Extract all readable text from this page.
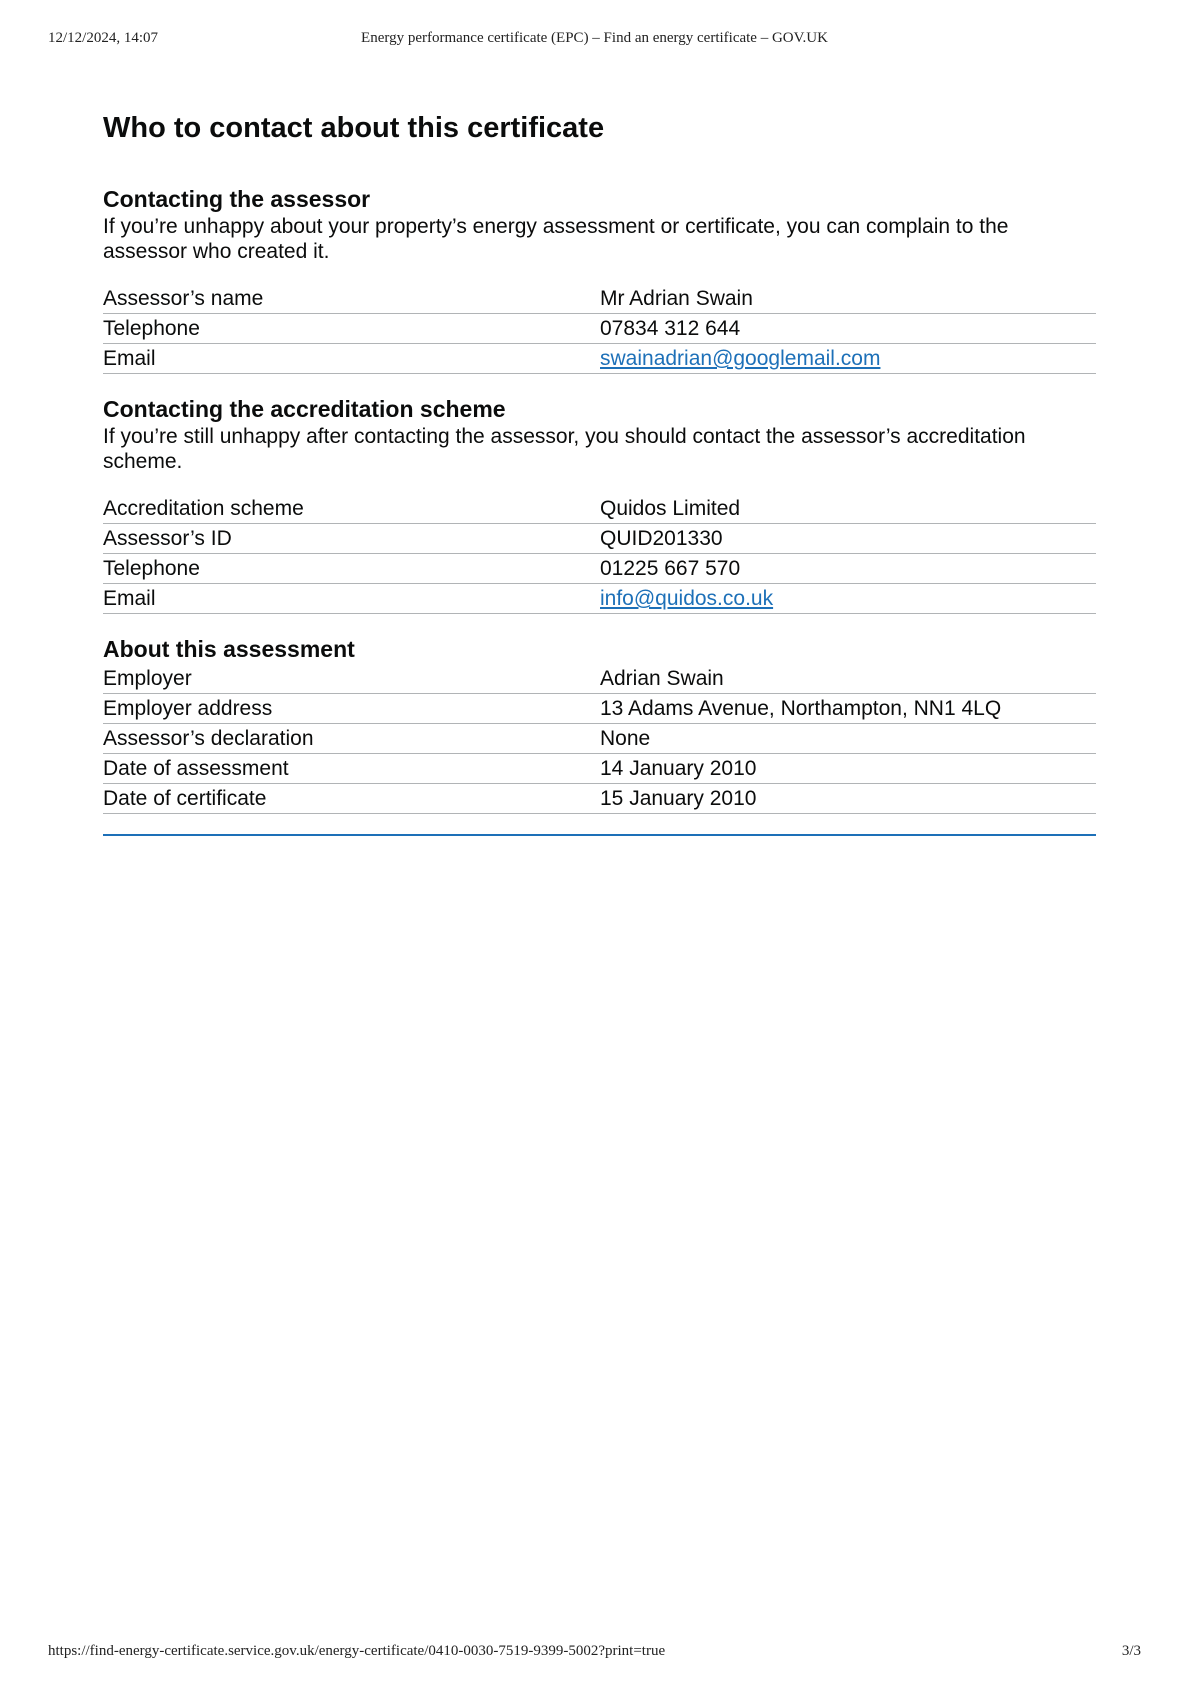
12/12/2024, 14:07	Energy performance certificate (EPC) – Find an energy certificate – GOV.UK
Who to contact about this certificate
Contacting the assessor

If you’re unhappy about your property’s energy assessment or certificate, you can complain to the assessor who created it.

Assessor’s name	Mr Adrian Swain
Telephone	07834 312 644
Email	swainadrian@googlemail.com
Contacting the accreditation scheme

If you’re still unhappy after contacting the assessor, you should contact the assessor’s accreditation scheme.

Accreditation scheme	Quidos Limited
Assessor’s ID	QUID201330
Telephone	01225 667 570
Email	info@quidos.co.uk
About this assessment
Employer	Adrian Swain
Employer address	13 Adams Avenue, Northampton, NN1 4LQ
Assessor’s declaration	None
Date of assessment	14 January 2010
Date of certificate	15 January 2010
https://find-energy-certificate.service.gov.uk/energy-certificate/0410-0030-7519-9399-5002?print=true	3/3
